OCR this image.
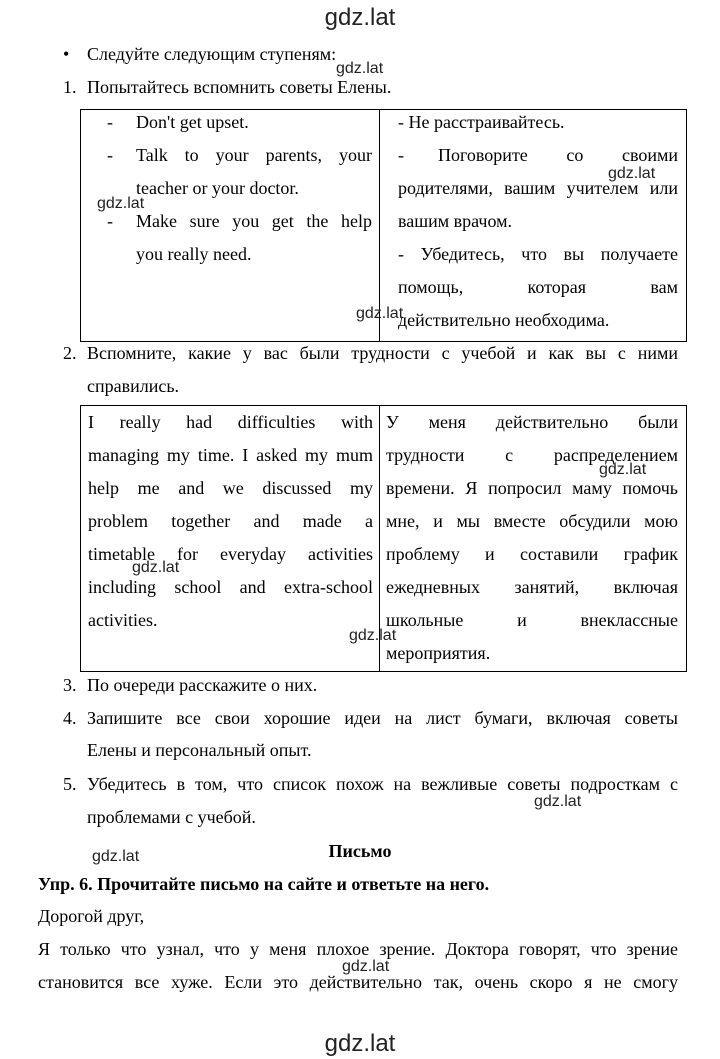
gdz.lat
gdz.lat
• Следуйте следующим ступеням:
gdz.lat
1. Попытайтесь вспомнить советы Елены.
- Don't get upset.
- Talk to your parents, your

teacher or your doctor.
- Make sure you get the help

you really need.
- Не расстраивайтесь.
- Поговорите со своими

родителями, вашим учителем или

вашим врачом.

- Убедитесь, что вы получаете

помощь, которая вам

действительно необходима.
gdz.lat
gdz.lat
gdz.lat
2. Вспомните, какие у вас были трудности с учебой и как вы с ними
справились.

I really had difficulties with

managing my time. I asked my mum

help me and we discussed my

problem together and made a

timetable for everyday activities

including school and extra-school

activities.

У меня действительно были

трудности с распределением

времени. Я попросил маму помочь

мне, и мы вместе обсудили мою

проблему и составили график

ежедневных занятий, включая

школьные и внеклассные

мероприятия.

gdz.lat
gdz.lat
gdz.lat
3. По очереди расскажите о них.
4. Запишите все свои хорошие идеи на лист бумаги, включая советы
Елены и персональный опыт.
5. Убедитесь в том, что список похож на вежливые советы подросткам с
проблемами с учебой.
gdz.lat
gdz.lat	Письмо
Упр. 6. Прочитайте письмо на сайте и ответьте на него.
Дорогой друг,
Я только что узнал, что у меня плохое зрение. Доктора говорят, что зрение
становится все хуже. Если это действительно так, очень скоро я не смогу
gdz.lat
